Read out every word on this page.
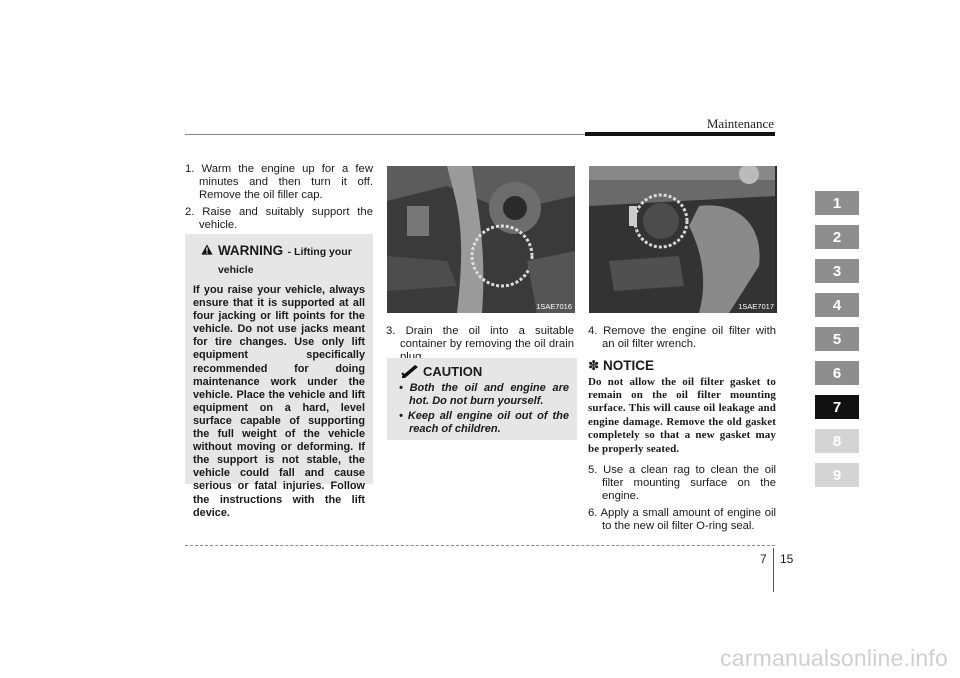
Maintenance
1
2
3
4
5
6
7
8
9

1. Warm the engine up for a few minutes and then turn it off. Remove the oil filler cap.

2. Raise and suitably support the vehicle.

WARNING - Lifting your vehicle
If you raise your vehicle, always ensure that it is supported at all four jacking or lift points for the vehicle. Do not use jacks meant for tire changes. Use only lift equipment specifically recommended for doing maintenance work under the vehicle. Place the vehicle and lift equipment on a hard, level surface capable of supporting the full weight of the vehicle without moving or deforming. If the support is not stable, the vehicle could fall and cause serious or fatal injuries. Follow the instructions with the lift device.
1SAE7016

3. Drain the oil into a suitable container by removing the oil drain

CAUTION
• Both the oil and engine are hot. Do not burn yourself.
• Keep all engine oil out of the reach of children.
1SAE7017

4. Remove the engine oil filter with an oil filter wrench.

✽ NOTICE
Do not allow the oil filter gasket to remain on the oil filter mounting surface. This will cause oil leakage and engine damage. Remove the old gasket completely so that a new gasket may be properly seated.

5. Use a clean rag to clean the oil filter mounting surface on the engine.

6. Apply a small amount of engine oil to the new oil filter O-ring seal.

7 15
carmanualsonline.info
